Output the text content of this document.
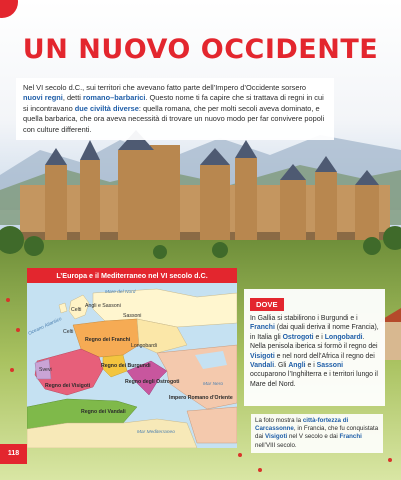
UN NUOVO OCCIDENTE

Nel VI secolo d.C., sui territori che avevano fatto parte dell’Impero d’Occidente sorsero nuovi regni, detti romano–barbarici. Questo nome ti fa capire che si trattava di regni in cui si incontravano due civiltà diverse: quella romana, che per molti secoli aveva dominato, e quella barbarica, che ora aveva necessità di trovare un nuovo modo per far convivere popoli con culture differenti.

L’Europa e il Mediterraneo nel VI secolo d.C.
Mare del Nord
Celti
Angli e Sassoni
Sassoni
Oceano Atlantico Celti
Regno dei Franchi
Regno dei Burgundi
Longobardi
Svevi
Regno dei Visigoti
Regno degli Ostrogoti	Mar Nero
Impero Romano d’Oriente
Regno dei Vandali
Mar Mediterraneo
DOVE

In Gallia si stabilirono i Burgundi e i Franchi (dai quali deriva il nome Francia), in Italia gli Ostrogoti e i Longobardi. Nella penisola iberica si formò il regno dei Visigoti e nel nord dell’Africa il regno dei Vandali. Gli Angli e i Sassoni occuparono l’Inghilterra e i territori lungo il Mare del Nord.

La foto mostra la città-fortezza di Carcassonne, in Francia, che fu conquistata dai Visigoti nel V secolo e dai Franchi nell’VIII secolo.

118
